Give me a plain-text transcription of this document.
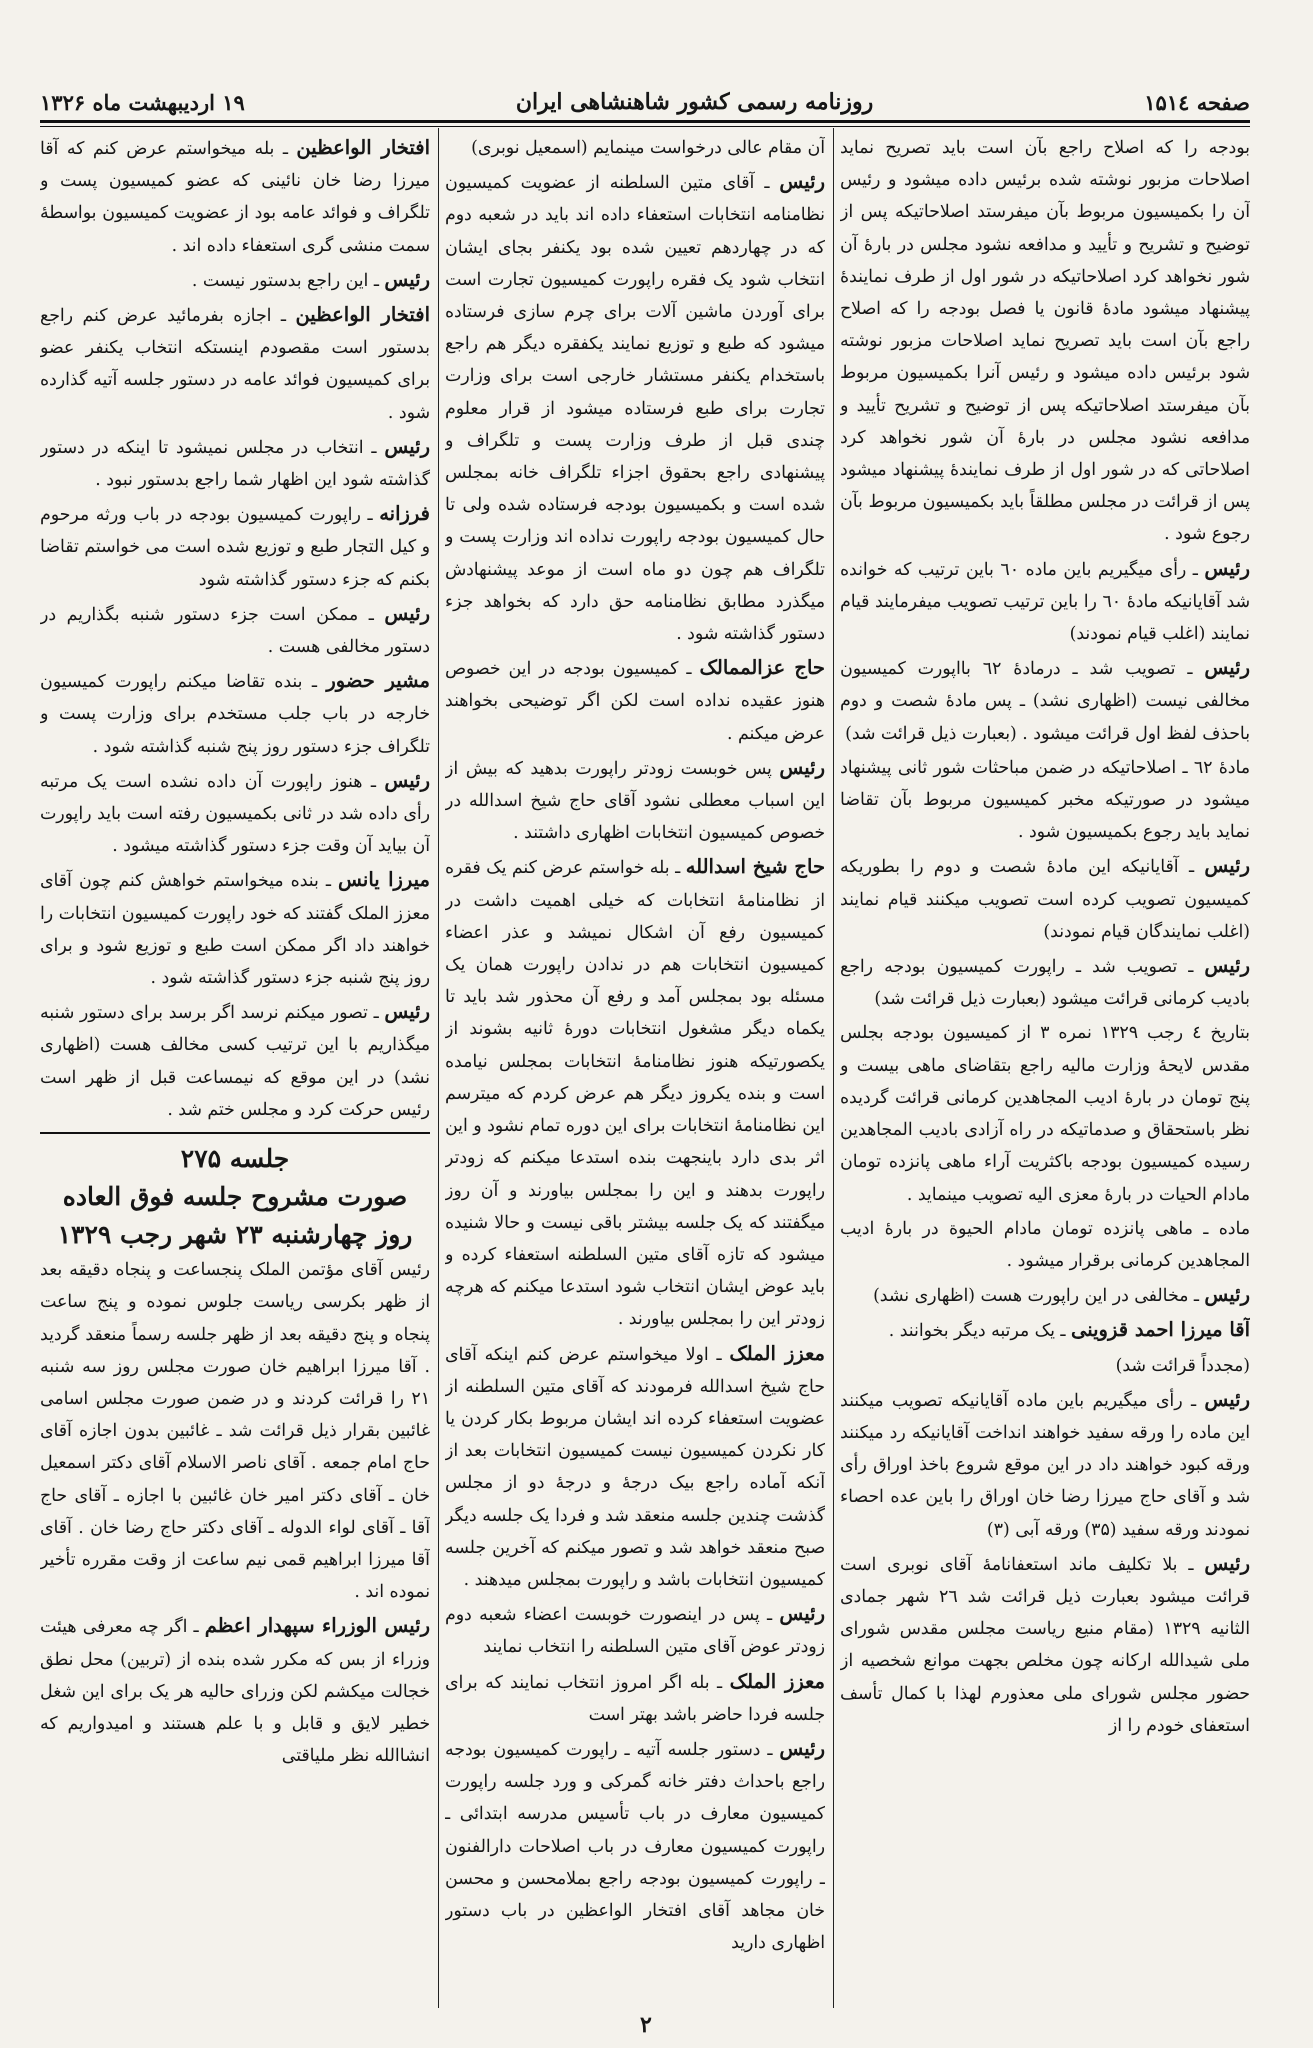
صفحه ۱۵۱٤
روزنامه رسمی کشور شاهنشاهی ایران
۱۹ اردیبهشت ماه ۱۳۲۶

بودجه را که اصلاح راجع بآن است باید تصریح نماید اصلاحات مزبور نوشته شده برئیس داده میشود و رئیس آن را بکمیسیون مربوط بآن میفرستد اصلاحاتیکه پس از توضیح و تشریح و تأیید و مدافعه نشود مجلس در بارهٔ آن شور نخواهد کرد اصلاحاتیکه در شور اول از طرف نمایندهٔ پیشنهاد میشود مادهٔ قانون یا فصل بودجه را که اصلاح راجع بآن است باید تصریح نماید اصلاحات مزبور نوشته شود برئیس داده میشود و رئیس آنرا بکمیسیون مربوط بآن میفرستد اصلاحاتیکه پس از توضیح و تشریح تأیید و مدافعه نشود مجلس در بارهٔ آن شور نخواهد کرد اصلاحاتی که در شور اول از طرف نمایندهٔ پیشنهاد میشود پس از قرائت در مجلس مطلقاً باید بکمیسیون مربوط بآن رجوع شود .

رئیس ـ رأی میگیریم باین ماده ٦٠ باین ترتیب که خوانده شد آقایانیکه مادهٔ ٦٠ را باین ترتیب تصویب میفرمایند قیام نمایند (اغلب قیام نمودند)

رئیس ـ تصویب شد ـ درمادهٔ ٦٢ بااپورت کمیسیون مخالفی نیست (اظهاری نشد) ـ پس مادهٔ شصت و دوم باحذف لفظ اول قرائت میشود . (بعبارت ذیل قرائت شد)

مادهٔ ٦٢ ـ اصلاحاتیکه در ضمن مباحثات شور ثانی پیشنهاد میشود در صورتیکه مخبر کمیسیون مربوط بآن تقاضا نماید باید رجوع بکمیسیون شود .

رئیس ـ آقایانیکه این مادهٔ شصت و دوم را بطوریکه کمیسیون تصویب کرده است تصویب میکنند قیام نمایند (اغلب نمایندگان قیام نمودند)

رئیس ـ تصویب شد ـ راپورت کمیسیون بودجه راجع بادیب کرمانی قرائت میشود (بعبارت ذیل قرائت شد)

بتاریخ ٤ رجب ۱۳۲۹ نمره ۳ از کمیسیون بودجه بجلس مقدس لایحهٔ وزارت مالیه راجع بتقاضای ماهی بیست و پنج تومان در بارهٔ ادیب المجاهدین کرمانی قرائت گردیده نظر باستحقاق و صدماتیکه در راه آزادی بادیب المجاهدین رسیده کمیسیون بودجه باکثریت آراء ماهی پانزده تومان مادام الحیات در بارهٔ معزی الیه تصویب مینماید .

ماده ـ ماهی پانزده تومان مادام الحیوة در بارهٔ ادیب المجاهدین کرمانی برقرار میشود .

رئیس ـ مخالفی در این راپورت هست (اظهاری نشد)

آقا میرزا احمد قزوینی ـ یک مرتبه دیگر بخوانند .

(مجدداً قرائت شد)

رئیس ـ رأی میگیریم باین ماده آقایانیکه تصویب میکنند این ماده را ورقه سفید خواهند انداخت آقایانیکه رد میکنند ورقه کبود خواهند داد در این موقع شروع باخذ اوراق رأی شد و آقای حاج میرزا رضا خان اوراق را باین عده احصاء نمودند ورقه سفید (۳۵) ورقه آبی (۳)

رئیس ـ بلا تکلیف ماند استعفانامهٔ آقای نوبری است قرائت میشود بعبارت ذیل قرائت شد ۲٦ شهر جمادی الثانیه ۱۳۲۹ (مقام منیع ریاست مجلس مقدس شورای ملی شیدالله ارکانه چون مخلص بجهت موانع شخصیه از حضور مجلس شورای ملی معذورم لهذا با کمال تأسف استعفای خودم را از

آن مقام عالی درخواست مینمایم (اسمعیل نوبری)

رئیس ـ آقای متین السلطنه از عضویت کمیسیون نظامنامه انتخابات استعفاء داده اند باید در شعبه دوم که در چهاردهم تعیین شده بود یکنفر بجای ایشان انتخاب شود یک فقره راپورت کمیسیون تجارت است برای آوردن ماشین آلات برای چرم سازی فرستاده میشود که طبع و توزیع نمایند یکفقره دیگر هم راجع باستخدام یکنفر مستشار خارجی است برای وزارت تجارت برای طبع فرستاده میشود از قرار معلوم چندی قبل از طرف وزارت پست و تلگراف و پیشنهادی راجع بحقوق اجزاء تلگراف خانه بمجلس شده است و بکمیسیون بودجه فرستاده شده ولی تا حال کمیسیون بودجه راپورت نداده اند وزارت پست و تلگراف هم چون دو ماه است از موعد پیشنهادش میگذرد مطابق نظامنامه حق دارد که بخواهد جزء دستور گذاشته شود .

حاج عزالممالک ـ کمیسیون بودجه در این خصوص هنوز عقیده نداده است لکن اگر توضیحی بخواهند عرض میکنم .

رئیس پس خوبست زودتر راپورت بدهید که بیش از این اسباب معطلی نشود آقای حاج شیخ اسدالله در خصوص کمیسیون انتخابات اظهاری داشتند .

حاج شیخ اسدالله ـ بله خواستم عرض کنم یک فقره از نظامنامهٔ انتخابات که خیلی اهمیت داشت در کمیسیون رفع آن اشکال نمیشد و عذر اعضاء کمیسیون انتخابات هم در ندادن راپورت همان یک مسئله بود بمجلس آمد و رفع آن محذور شد باید تا یکماه دیگر مشغول انتخابات دورهٔ ثانیه بشوند از یکصورتیکه هنوز نظامنامهٔ انتخابات بمجلس نیامده است و بنده یکروز دیگر هم عرض کردم که میترسم این نظامنامهٔ انتخابات برای این دوره تمام نشود و این اثر بدی دارد باینجهت بنده استدعا میکنم که زودتر راپورت بدهند و این را بمجلس بیاورند و آن روز میگفتند که یک جلسه بیشتر باقی نیست و حالا شنیده میشود که تازه آقای متین السلطنه استعفاء کرده و باید عوض ایشان انتخاب شود استدعا میکنم که هرچه زودتر این را بمجلس بیاورند .

معزز الملک ـ اولا میخواستم عرض کنم اینکه آقای حاج شیخ اسدالله فرمودند که آقای متین السلطنه از عضویت استعفاء کرده اند ایشان مربوط بکار کردن یا کار نکردن کمیسیون نیست کمیسیون انتخابات بعد از آنکه آماده راجع بیک درجهٔ و درجهٔ دو از مجلس گذشت چندین جلسه منعقد شد و فردا یک جلسه دیگر صبح منعقد خواهد شد و تصور میکنم که آخرین جلسه کمیسیون انتخابات باشد و راپورت بمجلس میدهند .

رئیس ـ پس در اینصورت خوبست اعضاء شعبه دوم زودتر عوض آقای متین السلطنه را انتخاب نمایند

معزز الملک ـ بله اگر امروز انتخاب نمایند که برای جلسه فردا حاضر باشد بهتر است

رئیس ـ دستور جلسه آتیه ـ راپورت کمیسیون بودجه راجع باحداث دفتر خانه گمرکی و ورد جلسه راپورت کمیسیون معارف در باب تأسیس مدرسه ابتدائی ـ راپورت کمیسیون معارف در باب اصلاحات دارالفنون ـ راپورت کمیسیون بودجه راجع بملامحسن و محسن خان مجاهد آقای افتخار الواعظین در باب دستور اظهاری دارید

افتخار الواعظین ـ بله میخواستم عرض کنم که آقا میرزا رضا خان نائینی که عضو کمیسیون پست و تلگراف و فوائد عامه بود از عضویت کمیسیون بواسطهٔ سمت منشی گری استعفاء داده اند .

رئیس ـ این راجع بدستور نیست .

افتخار الواعظین ـ اجازه بفرمائید عرض کنم راجع بدستور است مقصودم اینستکه انتخاب یکنفر عضو برای کمیسیون فوائد عامه در دستور جلسه آتیه گذارده شود .

رئیس ـ انتخاب در مجلس نمیشود تا اینکه در دستور گذاشته شود این اظهار شما راجع بدستور نبود .

فرزانه ـ راپورت کمیسیون بودجه در باب ورثه مرحوم و کیل التجار طبع و توزیع شده است می خواستم تقاضا بکنم که جزء دستور گذاشته شود

رئیس ـ ممکن است جزء دستور شنبه بگذاریم در دستور مخالفی هست .

مشیر حضور ـ بنده تقاضا میکنم راپورت کمیسیون خارجه در باب جلب مستخدم برای وزارت پست و تلگراف جزء دستور روز پنج شنبه گذاشته شود .

رئیس ـ هنوز راپورت آن داده نشده است یک مرتبه رأی داده شد در ثانی بکمیسیون رفته است باید راپورت آن بیاید آن وقت جزء دستور گذاشته میشود .

میرزا یانس ـ بنده میخواستم خواهش کنم چون آقای معزز الملک گفتند که خود راپورت کمیسیون انتخابات را خواهند داد اگر ممکن است طبع و توزیع شود و برای روز پنج شنبه جزء دستور گذاشته شود .

رئیس ـ تصور میکنم نرسد اگر برسد برای دستور شنبه میگذاریم با این ترتیب کسی مخالف هست (اظهاری نشد) در این موقع که نیمساعت قبل از ظهر است رئیس حرکت کرد و مجلس ختم شد .

جلسه ۲۷۵
صورت مشروح جلسه فوق العاده
روز چهارشنبه ۲۳ شهر رجب ۱۳۲۹

رئیس آقای مؤتمن الملک پنجساعت و پنجاه دقیقه بعد از ظهر بکرسی ریاست جلوس نموده و پنج ساعت پنجاه و پنج دقیقه بعد از ظهر جلسه رسماً منعقد گردید . آقا میرزا ابراهیم خان صورت مجلس روز سه شنبه ۲۱ را قرائت کردند و در ضمن صورت مجلس اسامی غائبین بقرار ذیل قرائت شد ـ غائبین بدون اجازه آقای حاج امام جمعه . آقای ناصر الاسلام آقای دکتر اسمعیل خان ـ آقای دکتر امیر خان غائبین با اجازه ـ آقای حاج آقا ـ آقای لواء الدوله ـ آقای دکتر حاج رضا خان . آقای آقا میرزا ابراهیم قمی نیم ساعت از وقت مقرره تأخیر نموده اند .

رئیس الوزراء سپهدار اعظم ـ اگر چه معرفی هیئت وزراء از بس که مکرر شده بنده از (تربین) محل نطق خجالت میکشم لکن وزرای حالیه هر یک برای این شغل خطیر لایق و قابل و با علم هستند و امیدواریم که انشاالله نظر ملیاقتی

۲
